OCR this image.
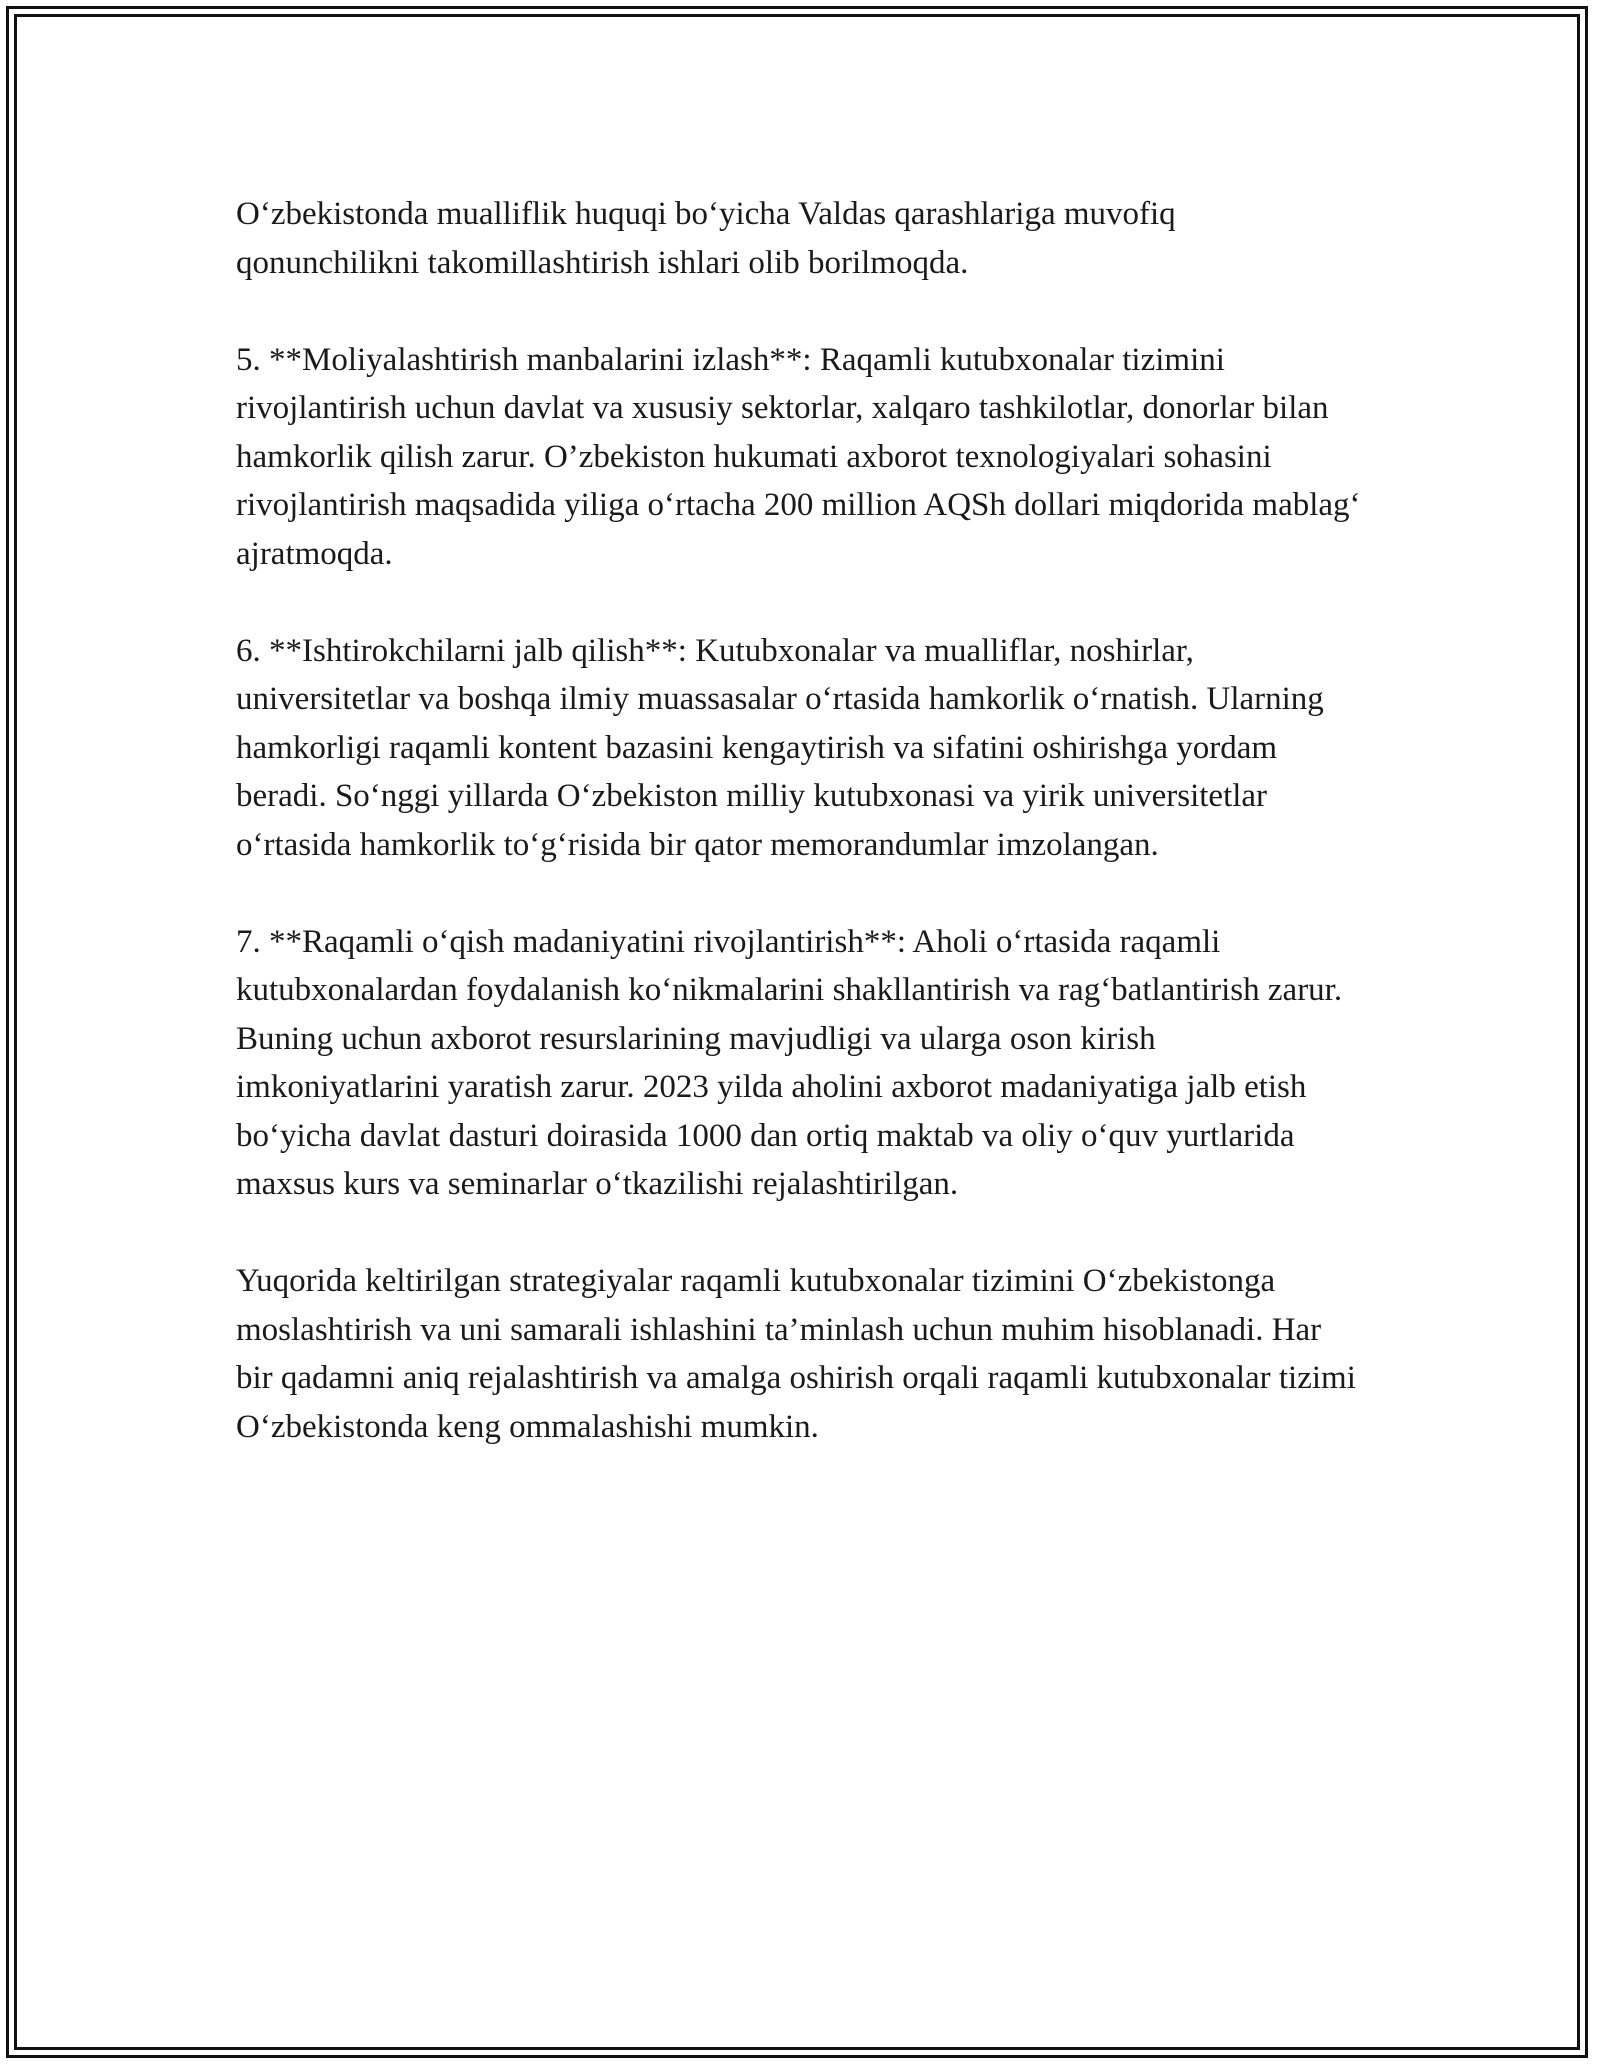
O‘zbekistonda mualliflik huquqi bo‘yicha Valdas qarashlariga muvofiq qonunchilikni takomillashtirish ishlari olib borilmoqda.

5. **Moliyalashtirish manbalarini izlash**: Raqamli kutubxonalar tizimini rivojlantirish uchun davlat va xususiy sektorlar, xalqaro tashkilotlar, donorlar bilan hamkorlik qilish zarur. O’zbekiston hukumati axborot texnologiyalari sohasini rivojlantirish maqsadida yiliga o‘rtacha 200 million AQSh dollari miqdorida mablag‘ ajratmoqda.

6. **Ishtirokchilarni jalb qilish**: Kutubxonalar va mualliflar, noshirlar, universitetlar va boshqa ilmiy muassasalar o‘rtasida hamkorlik o‘rnatish. Ularning hamkorligi raqamli kontent bazasini kengaytirish va sifatini oshirishga yordam beradi. So‘nggi yillarda O‘zbekiston milliy kutubxonasi va yirik universitetlar o‘rtasida hamkorlik to‘g‘risida bir qator memorandumlar imzolangan.

7. **Raqamli o‘qish madaniyatini rivojlantirish**: Aholi o‘rtasida raqamli kutubxonalardan foydalanish ko‘nikmalarini shakllantirish va rag‘batlantirish zarur. Buning uchun axborot resurslarining mavjudligi va ularga oson kirish imkoniyatlarini yaratish zarur. 2023 yilda aholini axborot madaniyatiga jalb etish bo‘yicha davlat dasturi doirasida 1000 dan ortiq maktab va oliy o‘quv yurtlarida maxsus kurs va seminarlar o‘tkazilishi rejalashtirilgan.

Yuqorida keltirilgan strategiyalar raqamli kutubxonalar tizimini O‘zbekistonga moslashtirish va uni samarali ishlashini ta’minlash uchun muhim hisoblanadi. Har bir qadamni aniq rejalashtirish va amalga oshirish orqali raqamli kutubxonalar tizimi O‘zbekistonda keng ommalashishi mumkin.
